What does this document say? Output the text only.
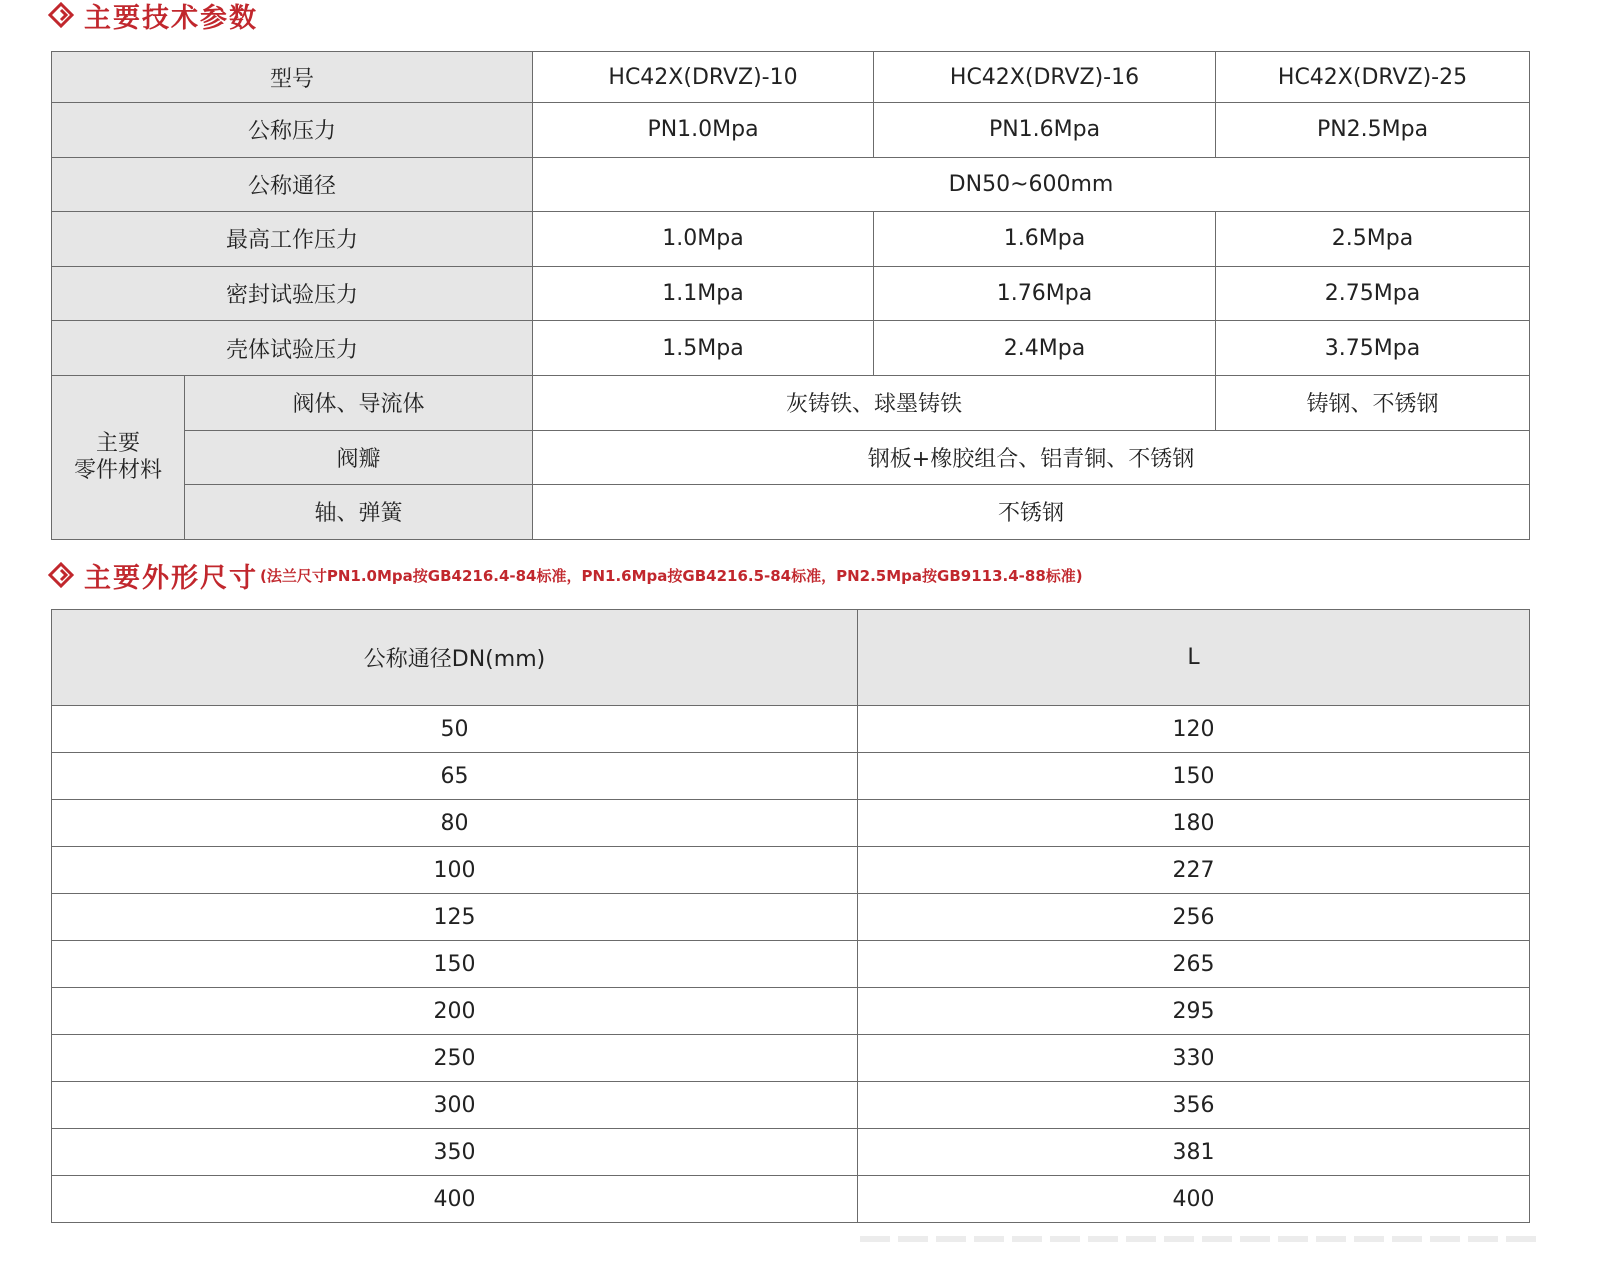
主要技术参数
型号		HC42X(DRVZ)-10	HC42X(DRVZ)-16	HC42X(DRVZ)-25
公称压力		PN1.0Mpa	PN1.6Mpa	PN2.5Mpa
公称通径		DN50~600mm		
最高工作压力		1.0Mpa	1.6Mpa	2.5Mpa
密封试验压力		1.1Mpa	1.76Mpa	2.75Mpa
壳体试验压力		1.5Mpa	2.4Mpa	3.75Mpa

主要
零件材料	阀体、导流体	灰铸铁、球墨铸铁		铸钢、不锈钢
	阀瓣	钢板+橡胶组合、铝青铜、不锈钢		
	轴、弹簧	不锈钢		
主要外形尺寸 (法兰尺寸PN1.0Mpa按GB4216.4-84标准，PN1.6Mpa按GB4216.5-84标准，PN2.5Mpa按GB9113.4-88标准)
公称通径DN(mm)	L
50	120
65	150
80	180
100	227
125	256
150	265
200	295
250	330
300	356
350	381
400	400
